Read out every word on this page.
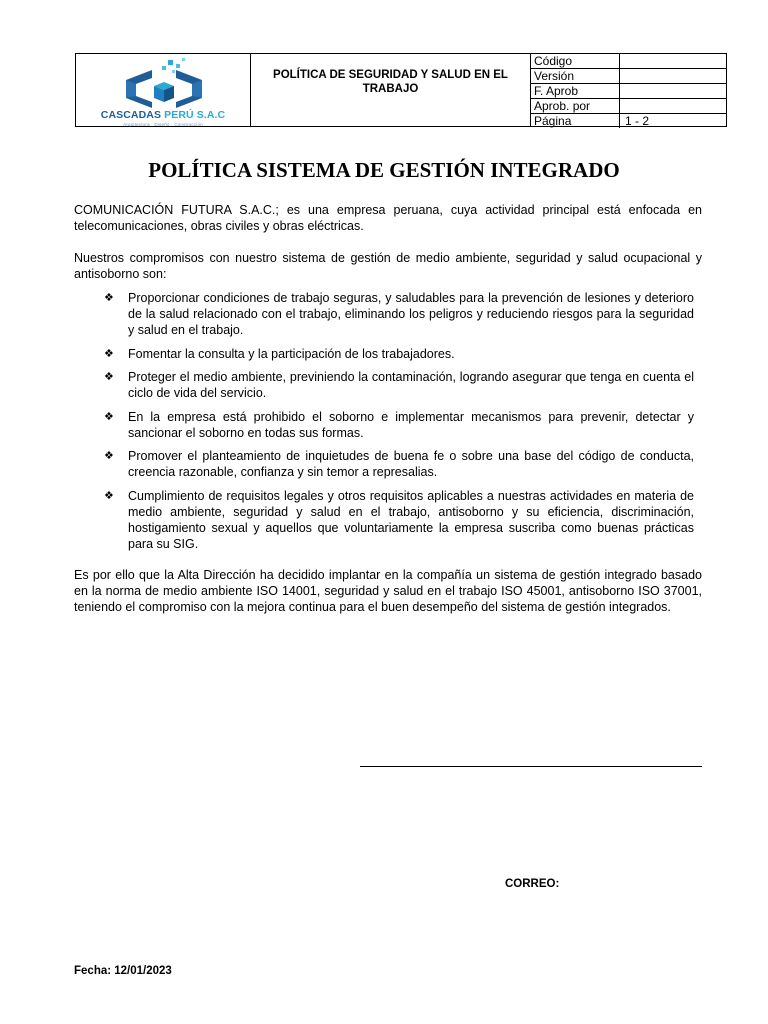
CASCADAS PERÚ S.A.C
Arquitectura · Diseño · Construcción
POLÍTICA DE SEGURIDAD Y SALUD EN EL TRABAJO
Código
Versión
F. Aprob
Aprob. por
Página	1 - 2
POLÍTICA SISTEMA DE GESTIÓN INTEGRADO

COMUNICACIÓN FUTURA S.A.C.; es una empresa peruana, cuya actividad principal está enfocada en telecomunicaciones, obras civiles y obras eléctricas.

Nuestros compromisos con nuestro sistema de gestión de medio ambiente, seguridad y salud ocupacional y antisoborno son:

❖ Proporcionar condiciones de trabajo seguras, y saludables para la prevención de lesiones y deterioro de la salud relacionado con el trabajo, eliminando los peligros y reduciendo riesgos para la seguridad y salud en el trabajo.
❖ Fomentar la consulta y la participación de los trabajadores.
❖ Proteger el medio ambiente, previniendo la contaminación, logrando asegurar que tenga en cuenta el ciclo de vida del servicio.
❖ En la empresa está prohibido el soborno e implementar mecanismos para prevenir, detectar y sancionar el soborno en todas sus formas.
❖ Promover el planteamiento de inquietudes de buena fe o sobre una base del código de conducta, creencia razonable, confianza y sin temor a represalias.
❖ Cumplimiento de requisitos legales y otros requisitos aplicables a nuestras actividades en materia de medio ambiente, seguridad y salud en el trabajo, antisoborno y su eficiencia, discriminación, hostigamiento sexual y aquellos que voluntariamente la empresa suscriba como buenas prácticas para su SIG.

Es por ello que la Alta Dirección ha decidido implantar en la compañía un sistema de gestión integrado basado en la norma de medio ambiente ISO 14001, seguridad y salud en el trabajo ISO 45001, antisoborno ISO 37001, teniendo el compromiso con la mejora continua para el buen desempeño del sistema de gestión integrados.

CORREO:
Fecha: 12/01/2023
